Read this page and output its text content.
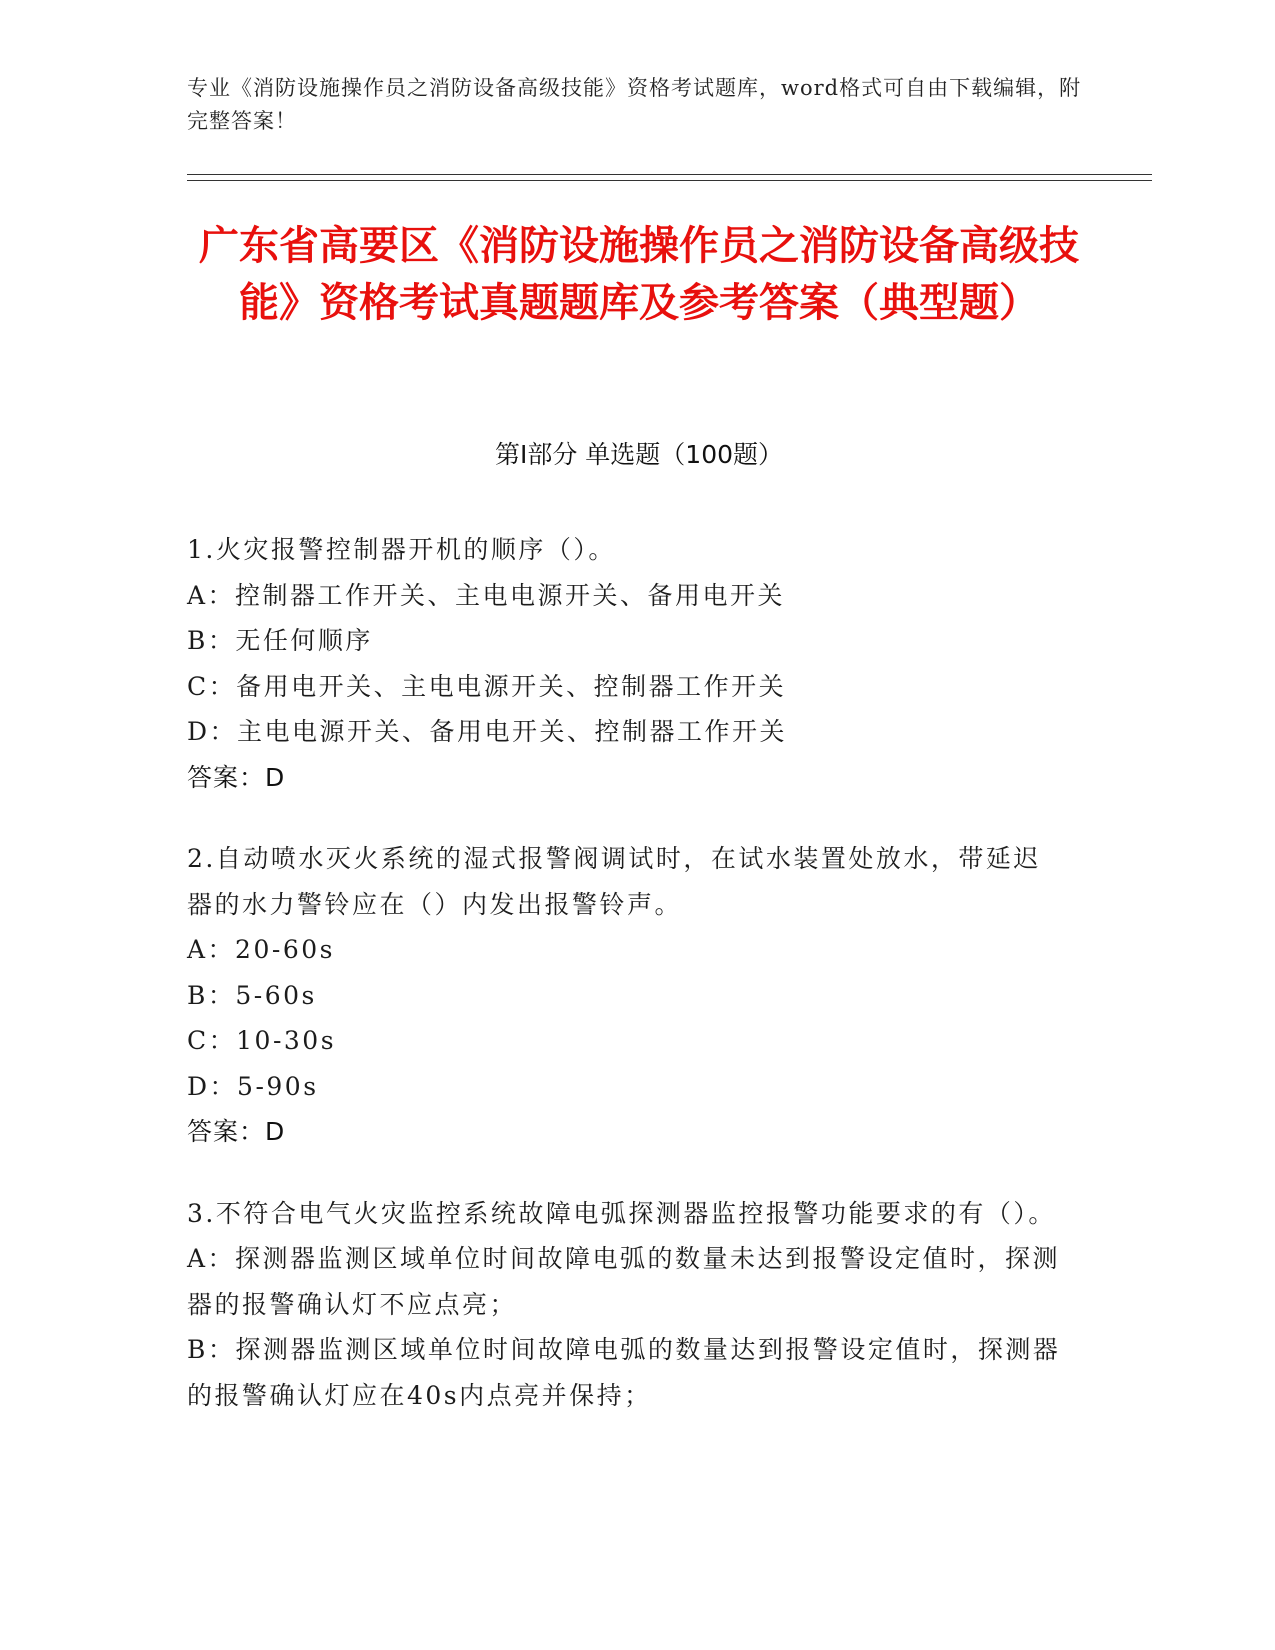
专业《消防设施操作员之消防设备高级技能》资格考试题库，word格式可自由下载编辑，附完整答案！
广东省高要区《消防设施操作员之消防设备高级技能》资格考试真题题库及参考答案（典型题）
第Ⅰ部分 单选题（100题）
1.火灾报警控制器开机的顺序（）。
A：控制器工作开关、主电电源开关、备用电开关
B：无任何顺序
C：备用电开关、主电电源开关、控制器工作开关
D：主电电源开关、备用电开关、控制器工作开关
答案：D
2.自动喷水灭火系统的湿式报警阀调试时，在试水装置处放水，带延迟器的水力警铃应在（）内发出报警铃声。
A：20-60s
B：5-60s
C：10-30s
D：5-90s
答案：D
3.不符合电气火灾监控系统故障电弧探测器监控报警功能要求的有（）。
A：探测器监测区域单位时间故障电弧的数量未达到报警设定值时，探测器的报警确认灯不应点亮；
B：探测器监测区域单位时间故障电弧的数量达到报警设定值时，探测器的报警确认灯应在40s内点亮并保持；
